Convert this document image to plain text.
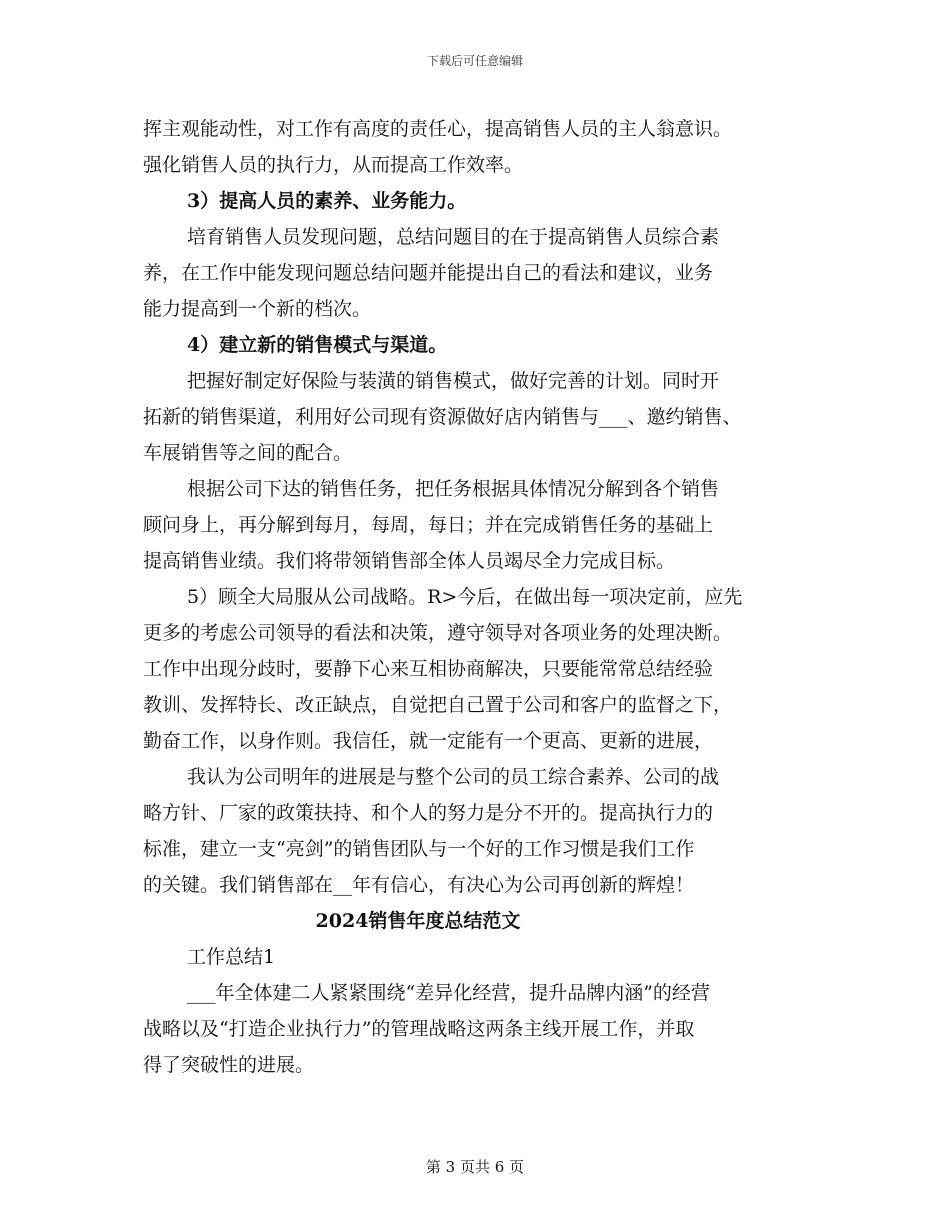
下载后可任意编辑
挥主观能动性，对工作有高度的责任心，提高销售人员的主人翁意识。
强化销售人员的执行力，从而提高工作效率。
3）提高人员的素养、业务能力。
培育销售人员发现问题，总结问题目的在于提高销售人员综合素
养，在工作中能发现问题总结问题并能提出自己的看法和建议，业务
能力提高到一个新的档次。
4）建立新的销售模式与渠道。
把握好制定好保险与装潢的销售模式，做好完善的计划。同时开
拓新的销售渠道，利用好公司现有资源做好店内销售与___、邀约销售、
车展销售等之间的配合。
根据公司下达的销售任务，把任务根据具体情况分解到各个销售
顾问身上，再分解到每月，每周，每日；并在完成销售任务的基础上
提高销售业绩。我们将带领销售部全体人员竭尽全力完成目标。
5）顾全大局服从公司战略。R>今后，在做出每一项决定前，应先
更多的考虑公司领导的看法和决策，遵守领导对各项业务的处理决断。
工作中出现分歧时，要静下心来互相协商解决，只要能常常总结经验
教训、发挥特长、改正缺点，自觉把自己置于公司和客户的监督之下，
勤奋工作，以身作则。我信任，就一定能有一个更高、更新的进展，
我认为公司明年的进展是与整个公司的员工综合素养、公司的战
略方针、厂家的政策扶持、和个人的努力是分不开的。提高执行力的
标准，建立一支“亮剑”的销售团队与一个好的工作习惯是我们工作
的关键。我们销售部在__年有信心，有决心为公司再创新的辉煌！
2024销售年度总结范文
工作总结1
___年全体建二人紧紧围绕“差异化经营，提升品牌内涵”的经营
战略以及“打造企业执行力”的管理战略这两条主线开展工作，并取
得了突破性的进展。
第 3 页共 6 页
